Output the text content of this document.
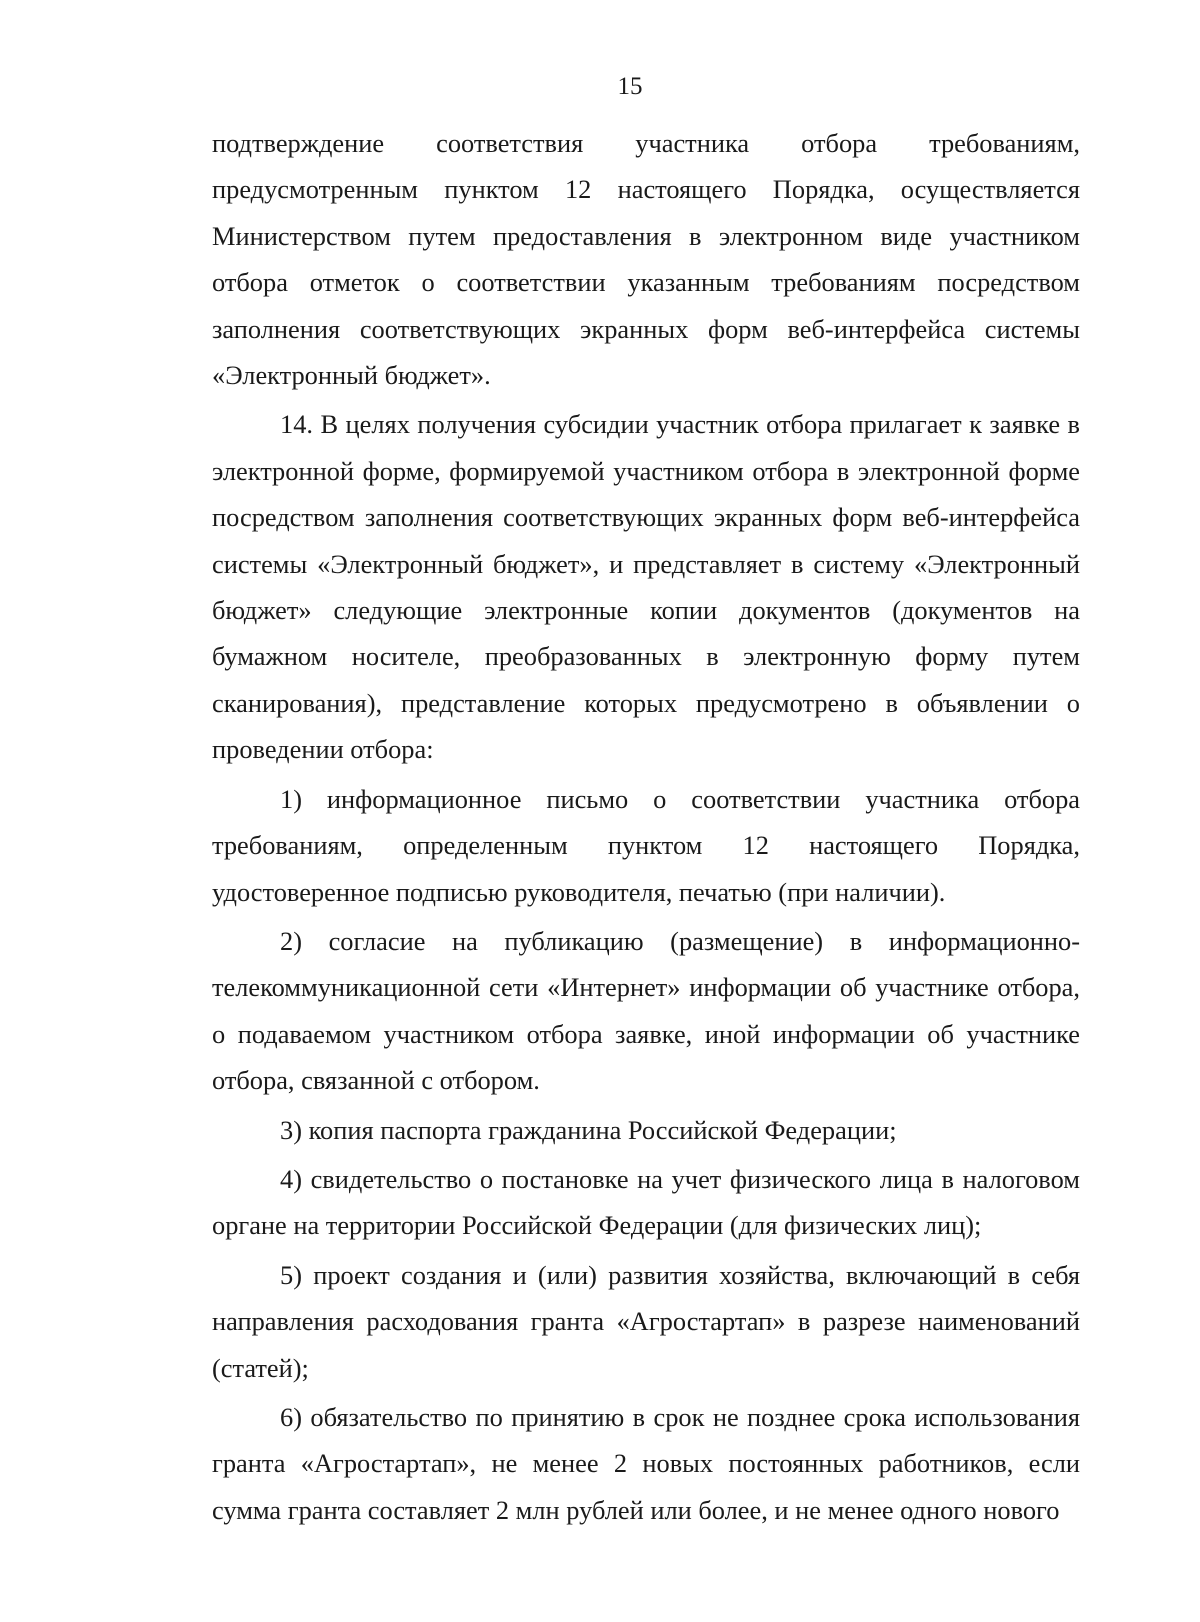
15

подтверждение соответствия участника отбора требованиям, предусмотренным пунктом 12 настоящего Порядка, осуществляется Министерством путем предоставления в электронном виде участником отбора отметок о соответствии указанным требованиям посредством заполнения соответствующих экранных форм веб-интерфейса системы «Электронный бюджет».

14. В целях получения субсидии участник отбора прилагает к заявке в электронной форме, формируемой участником отбора в электронной форме посредством заполнения соответствующих экранных форм веб-интерфейса системы «Электронный бюджет», и представляет в систему «Электронный бюджет» следующие электронные копии документов (документов на бумажном носителе, преобразованных в электронную форму путем сканирования), представление которых предусмотрено в объявлении о проведении отбора:

1) информационное письмо о соответствии участника отбора требованиям, определенным пунктом 12 настоящего Порядка, удостоверенное подписью руководителя, печатью (при наличии).

2) согласие на публикацию (размещение) в информационно-телекоммуникационной сети «Интернет» информации об участнике отбора, о подаваемом участником отбора заявке, иной информации об участнике отбора, связанной с отбором.

3) копия паспорта гражданина Российской Федерации;

4) свидетельство о постановке на учет физического лица в налоговом органе на территории Российской Федерации (для физических лиц);

5) проект создания и (или) развития хозяйства, включающий в себя направления расходования гранта «Агростартап» в разрезе наименований (статей);

6) обязательство по принятию в срок не позднее срока использования гранта «Агростартап», не менее 2 новых постоянных работников, если сумма гранта составляет 2 млн рублей или более, и не менее одного нового
